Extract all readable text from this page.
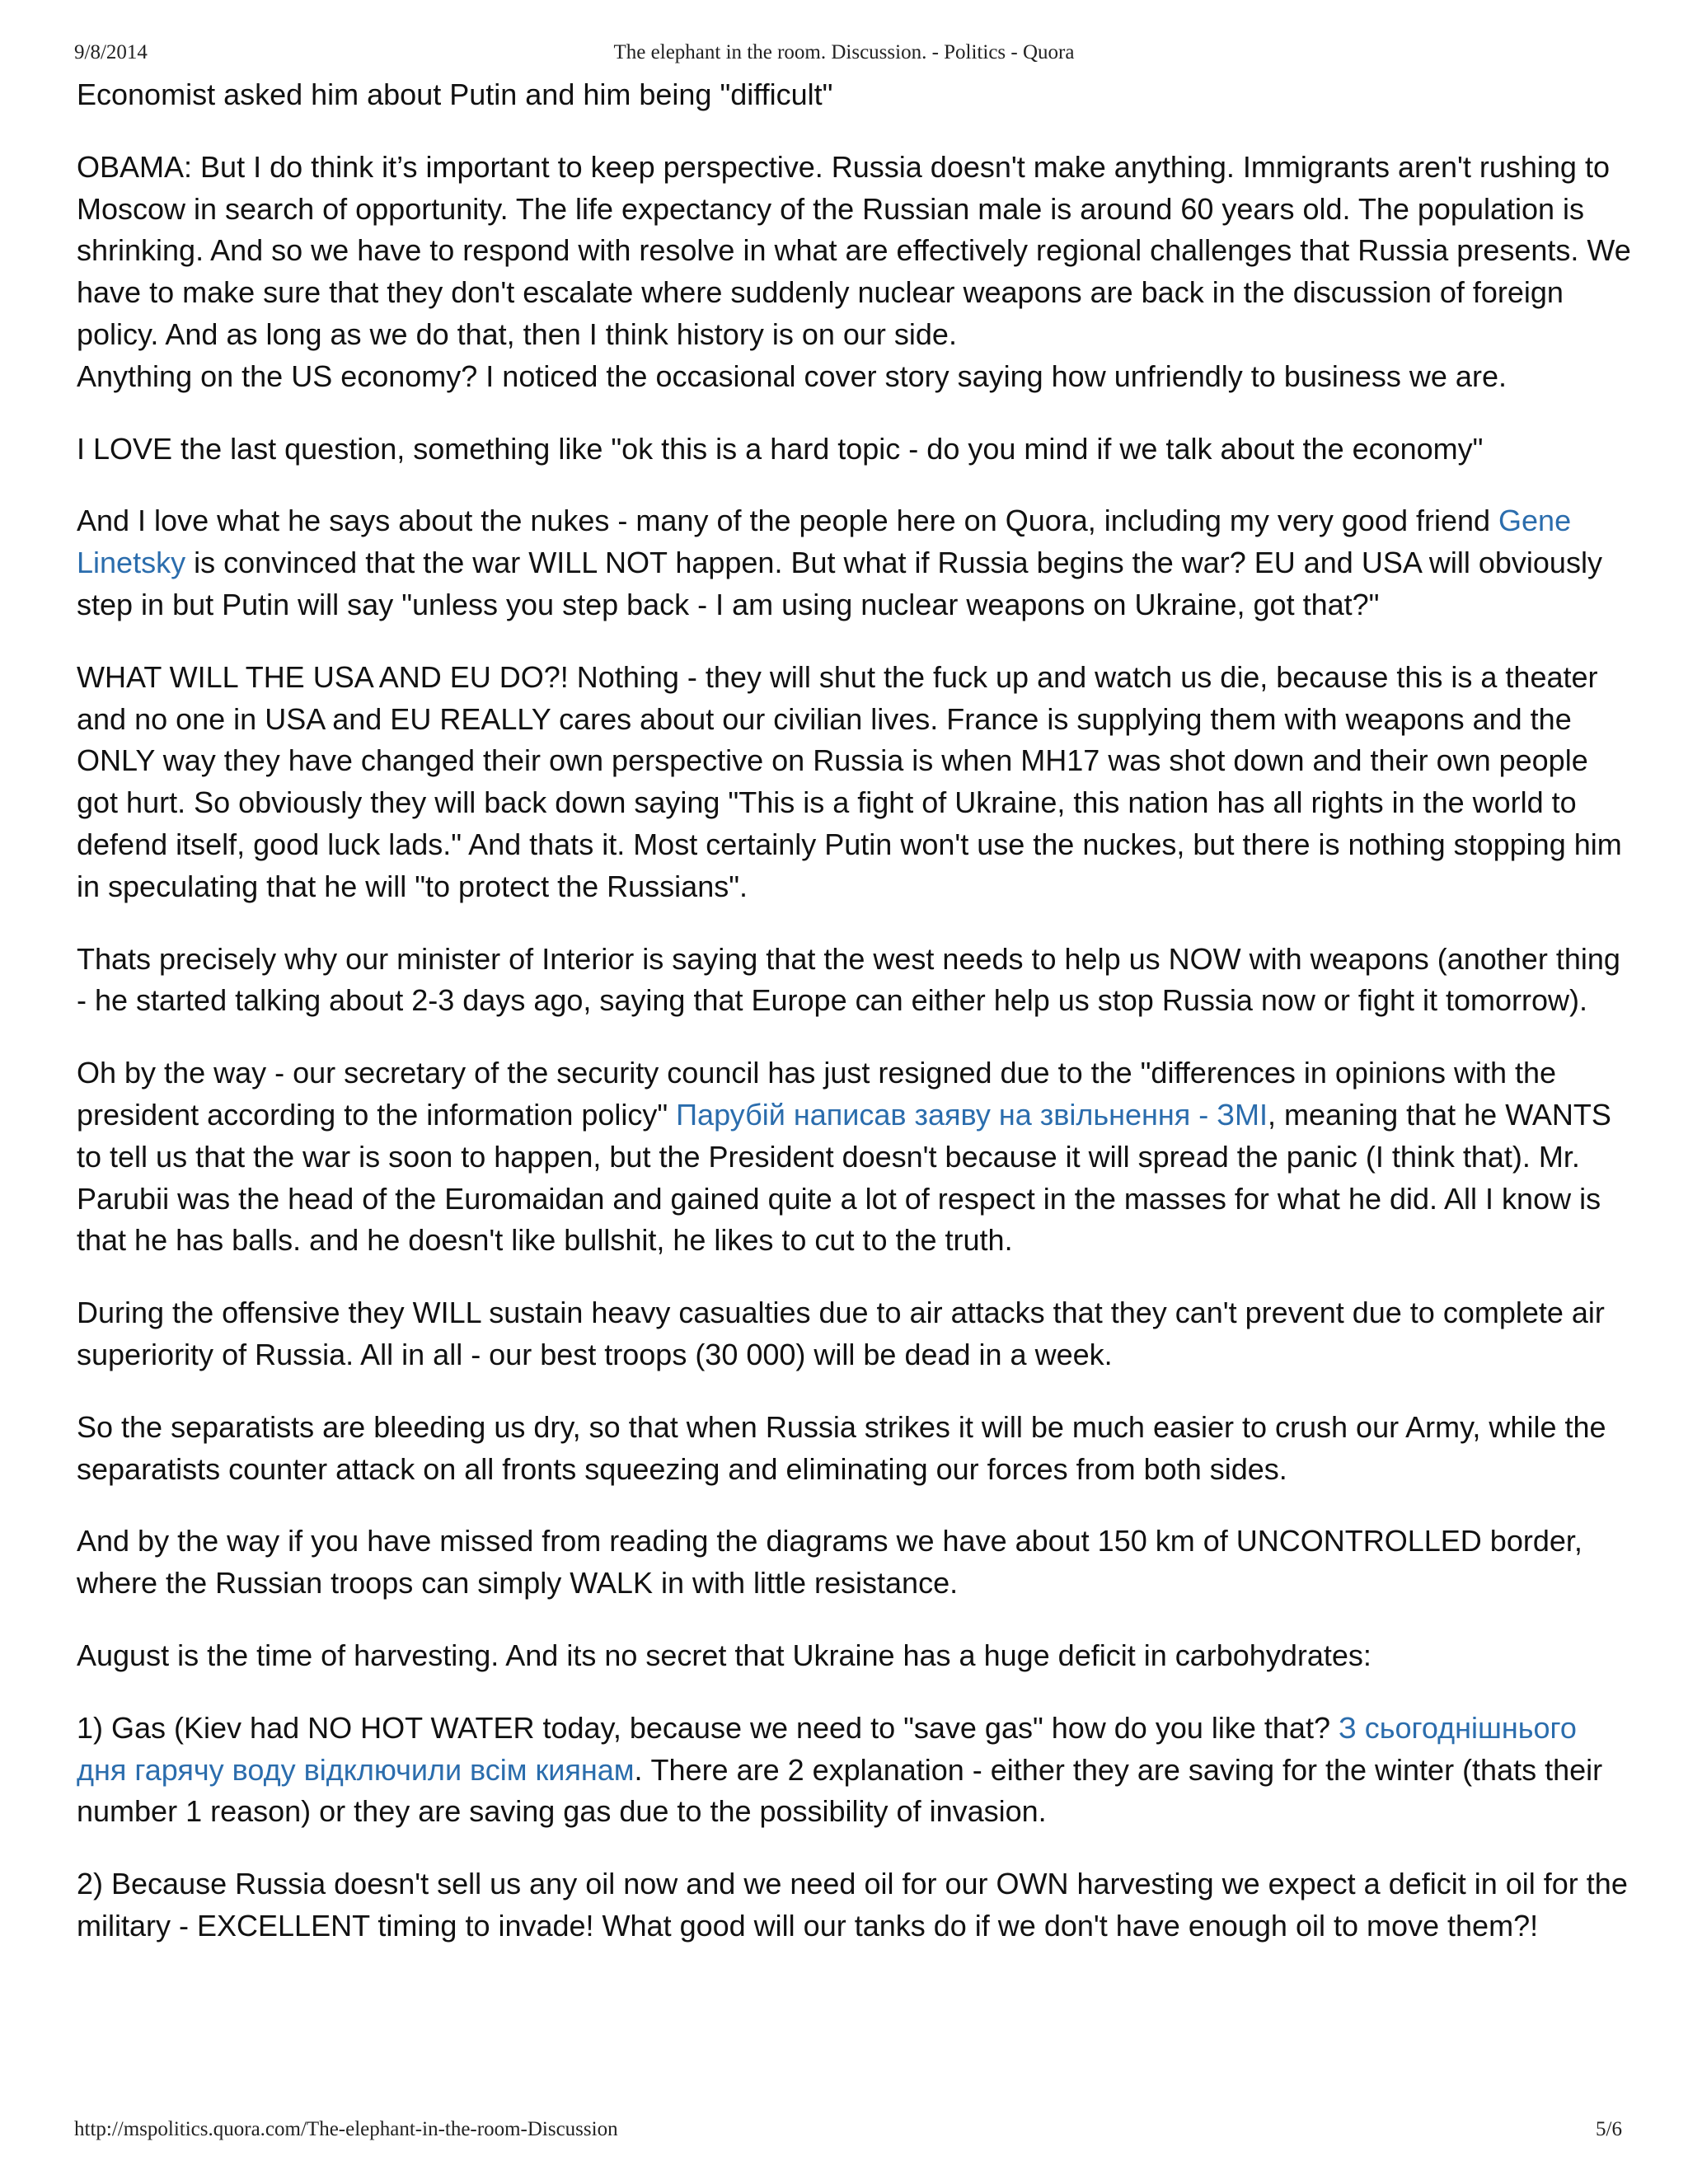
9/8/2014	The elephant in the room. Discussion. - Politics - Quora

Economist asked him about Putin and him being "difficult"

OBAMA: But I do think it’s important to keep perspective. Russia doesn't make anything. Immigrants aren't rushing to Moscow in search of opportunity. The life expectancy of the Russian male is around 60 years old. The population is shrinking. And so we have to respond with resolve in what are effectively regional challenges that Russia presents. We have to make sure that they don't escalate where suddenly nuclear weapons are back in the discussion of foreign policy. And as long as we do that, then I think history is on our side.

Anything on the US economy? I noticed the occasional cover story saying how unfriendly to business we are.

I LOVE the last question, something like "ok this is a hard topic - do you mind if we talk about the economy"

And I love what he says about the nukes - many of the people here on Quora, including my very good friend Gene Linetsky is convinced that the war WILL NOT happen. But what if Russia begins the war? EU and USA will obviously step in but Putin will say "unless you step back - I am using nuclear weapons on Ukraine, got that?"

WHAT WILL THE USA AND EU DO?! Nothing - they will shut the fuck up and watch us die, because this is a theater and no one in USA and EU REALLY cares about our civilian lives. France is supplying them with weapons and the ONLY way they have changed their own perspective on Russia is when MH17 was shot down and their own people got hurt. So obviously they will back down saying "This is a fight of Ukraine, this nation has all rights in the world to defend itself, good luck lads." And thats it. Most certainly Putin won't use the nuckes, but there is nothing stopping him in speculating that he will "to protect the Russians".

Thats precisely why our minister of Interior is saying that the west needs to help us NOW with weapons (another thing - he started talking about 2-3 days ago, saying that Europe can either help us stop Russia now or fight it tomorrow).

Oh by the way - our secretary of the security council has just resigned due to the "differences in opinions with the president according to the information policy" Парубій написав заяву на звільнення - ЗМІ, meaning that he WANTS to tell us that the war is soon to happen, but the President doesn't because it will spread the panic (I think that). Mr. Parubii was the head of the Euromaidan and gained quite a lot of respect in the masses for what he did. All I know is that he has balls. and he doesn't like bullshit, he likes to cut to the truth.

During the offensive they WILL sustain heavy casualties due to air attacks that they can't prevent due to complete air superiority of Russia. All in all - our best troops (30 000) will be dead in a week.

So the separatists are bleeding us dry, so that when Russia strikes it will be much easier to crush our Army, while the separatists counter attack on all fronts squeezing and eliminating our forces from both sides.

And by the way if you have missed from reading the diagrams we have about 150 km of UNCONTROLLED border, where the Russian troops can simply WALK in with little resistance.

August is the time of harvesting. And its no secret that Ukraine has a huge deficit in carbohydrates:

1) Gas (Kiev had NO HOT WATER today, because we need to "save gas" how do you like that? З сьогоднішнього дня гарячу воду відключили всім киянам. There are 2 explanation - either they are saving for the winter (thats their number 1 reason) or they are saving gas due to the possibility of invasion.

2) Because Russia doesn't sell us any oil now and we need oil for our OWN harvesting we expect a deficit in oil for the military - EXCELLENT timing to invade! What good will our tanks do if we don't have enough oil to move them?!

http://mspolitics.quora.com/The-elephant-in-the-room-Discussion	5/6
